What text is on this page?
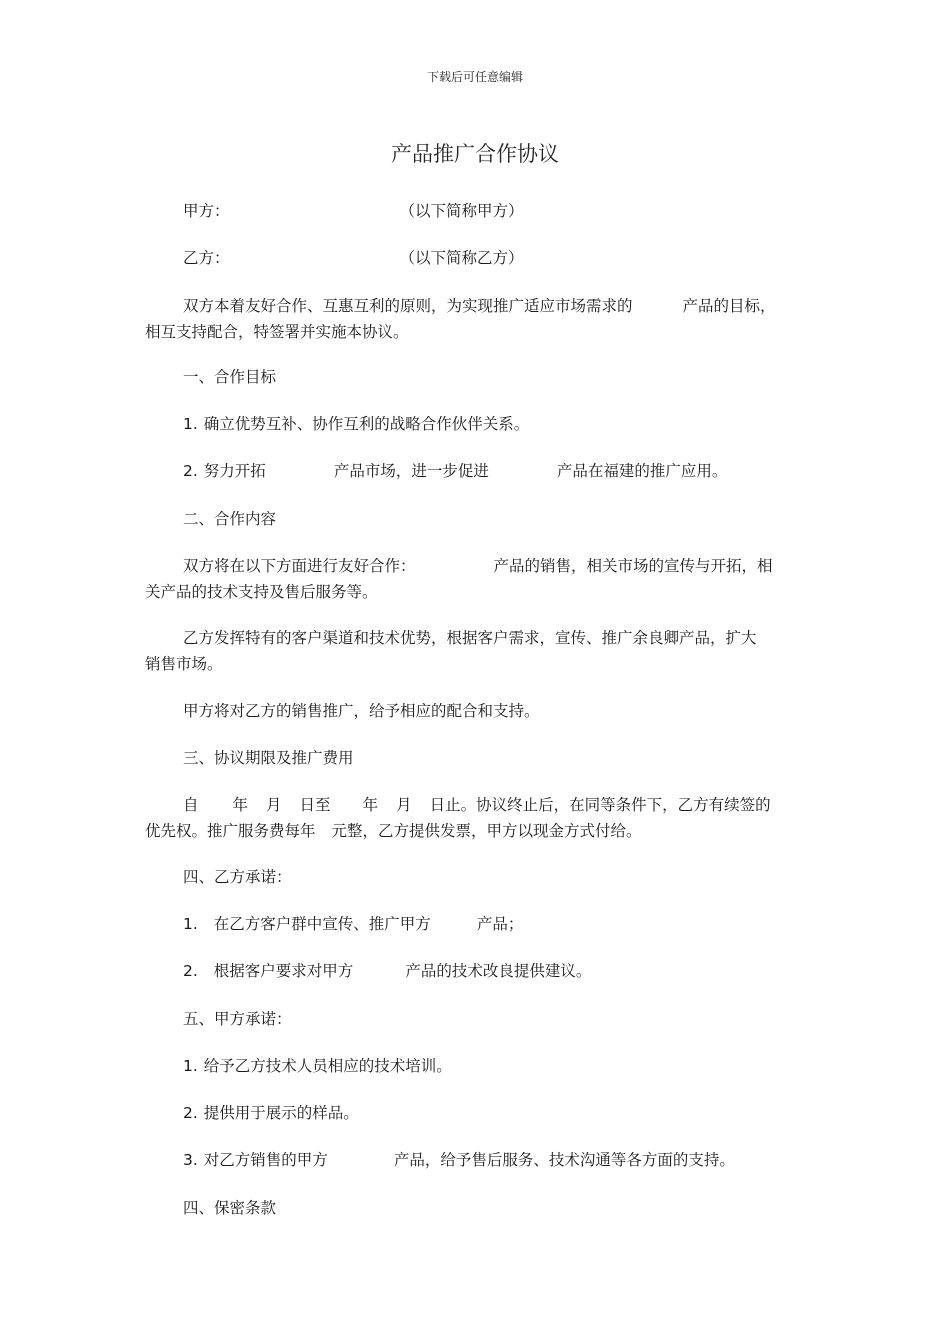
下载后可任意编辑
产品推广合作协议
甲方：	（以下简称甲方）
乙方：	（以下简称乙方）
双方本着友好合作、互惠互利的原则，为实现推广适应市场需求的	产品的目标，
相互支持配合，特签署并实施本协议。
一、合作目标
1. 确立优势互补、协作互利的战略合作伙伴关系。
2. 努力开拓	产品市场，进一步促进	产品在福建的推广应用。
二、合作内容
双方将在以下方面进行友好合作：	产品的销售，相关市场的宣传与开拓，相
关产品的技术支持及售后服务等。
乙方发挥特有的客户渠道和技术优势，根据客户需求，宣传、推广余良卿产品，扩大
销售市场。
甲方将对乙方的销售推广，给予相应的配合和支持。
三、协议期限及推广费用
自 年 月 日至 年 月 日止。协议终止后，在同等条件下，乙方有续签的
优先权。推广服务费每年 元整，乙方提供发票，甲方以现金方式付给。
四、乙方承诺：
1. 在乙方客户群中宣传、推广甲方	产品；
2. 根据客户要求对甲方	产品的技术改良提供建议。
五、甲方承诺：
1. 给予乙方技术人员相应的技术培训。
2. 提供用于展示的样品。
3. 对乙方销售的甲方	产品，给予售后服务、技术沟通等各方面的支持。
四、保密条款
